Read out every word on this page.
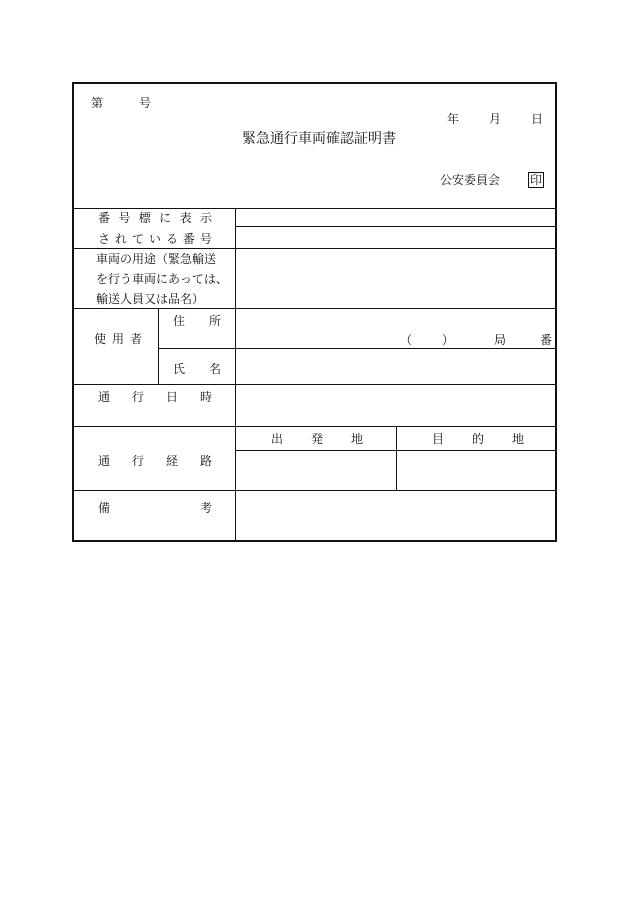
第	号
年 月 日
緊急通行車両確認証明書
公安委員会 印
番 号 標 に 表 示
さ れ て い る 番 号
車両の用途（緊急輸送
を行う車両にあっては、
輸送人員又は品名）
使 用 者
住 所
（ ）	局	番
氏 名
通 行 日 時
通 行 経 路
出 発 地	目 的 地
備	考
